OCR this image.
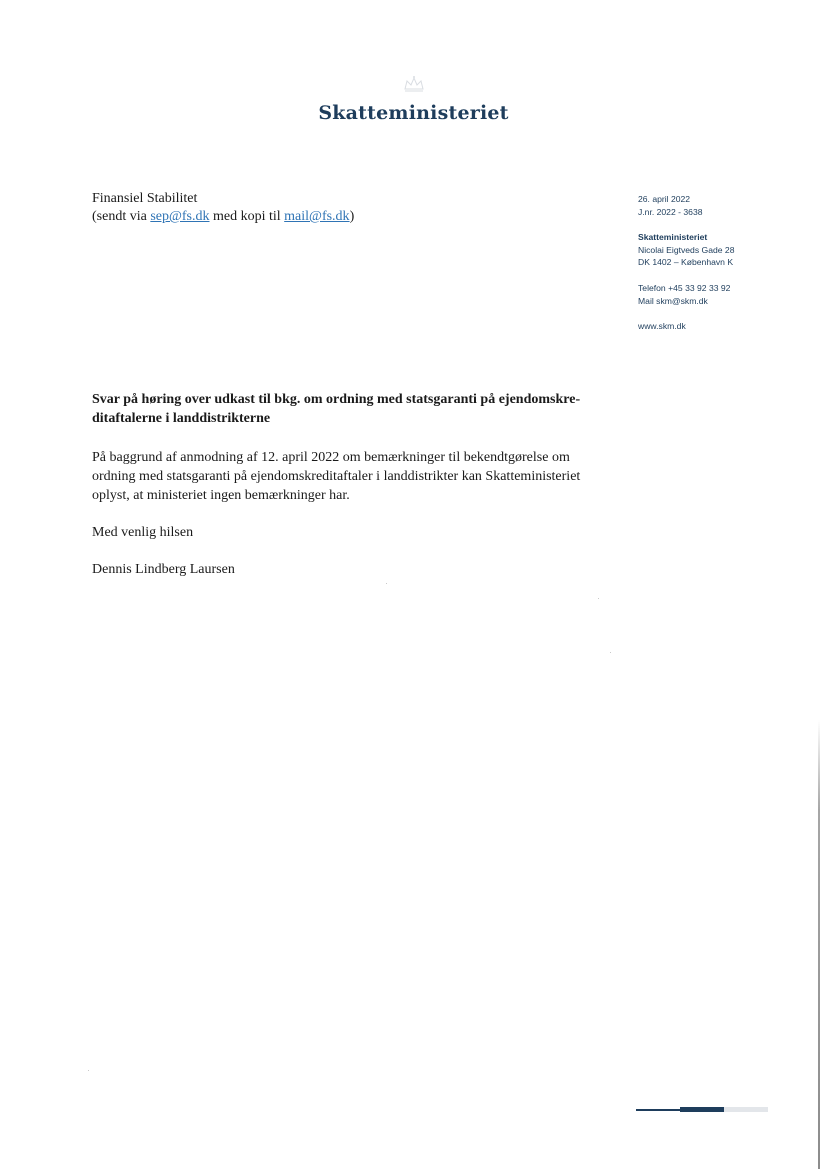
Skatteministeriet
Finansiel Stabilitet
(sendt via sep@fs.dk med kopi til mail@fs.dk)
26. april 2022
J.nr. 2022 - 3638
Skatteministeriet
Nicolai Eigtveds Gade 28
DK 1402 – København K
Telefon +45 33 92 33 92
Mail skm@skm.dk
www.skm.dk
Svar på høring over udkast til bkg. om ordning med statsgaranti på ejendomskre-
ditaftalerne i landdistrikterne
På baggrund af anmodning af 12. april 2022 om bemærkninger til bekendtgørelse om
ordning med statsgaranti på ejendomskreditaftaler i landdistrikter kan Skatteministeriet
oplyst, at ministeriet ingen bemærkninger har.
Med venlig hilsen
Dennis Lindberg Laursen
